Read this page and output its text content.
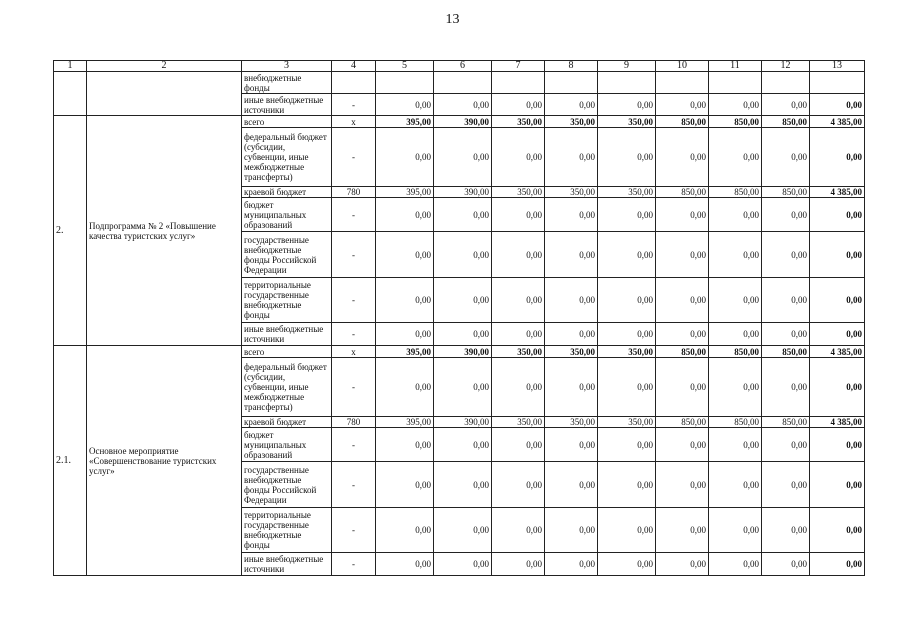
13
1	2	3	4	5	6	7	8	9	10	11	12	13
		внебюджетные фонды										
		иные внебюджетные источники	-	0,00	0,00	0,00	0,00	0,00	0,00	0,00	0,00	0,00
2.	Подпрограмма № 2 «Повышение качества туристских услуг»	всего	x	395,00	390,00	350,00	350,00	350,00	850,00	850,00	850,00	4 385,00
		федеральный бюджет (субсидии, субвенции, иные межбюджетные трансферты)	-	0,00	0,00	0,00	0,00	0,00	0,00	0,00	0,00	0,00
		краевой бюджет	780	395,00	390,00	350,00	350,00	350,00	850,00	850,00	850,00	4 385,00
		бюджет муниципальных образований	-	0,00	0,00	0,00	0,00	0,00	0,00	0,00	0,00	0,00
		государственные внебюджетные фонды Российской Федерации	-	0,00	0,00	0,00	0,00	0,00	0,00	0,00	0,00	0,00
		территориальные государственные внебюджетные фонды	-	0,00	0,00	0,00	0,00	0,00	0,00	0,00	0,00	0,00
		иные внебюджетные источники	-	0,00	0,00	0,00	0,00	0,00	0,00	0,00	0,00	0,00
2.1.	Основное мероприятие «Совершенствование туристских услуг»	всего	x	395,00	390,00	350,00	350,00	350,00	850,00	850,00	850,00	4 385,00
		федеральный бюджет (субсидии, субвенции, иные межбюджетные трансферты)	-	0,00	0,00	0,00	0,00	0,00	0,00	0,00	0,00	0,00
		краевой бюджет	780	395,00	390,00	350,00	350,00	350,00	850,00	850,00	850,00	4 385,00
		бюджет муниципальных образований	-	0,00	0,00	0,00	0,00	0,00	0,00	0,00	0,00	0,00
		государственные внебюджетные фонды Российской Федерации	-	0,00	0,00	0,00	0,00	0,00	0,00	0,00	0,00	0,00
		территориальные государственные внебюджетные фонды	-	0,00	0,00	0,00	0,00	0,00	0,00	0,00	0,00	0,00
		иные внебюджетные источники	-	0,00	0,00	0,00	0,00	0,00	0,00	0,00	0,00	0,00
